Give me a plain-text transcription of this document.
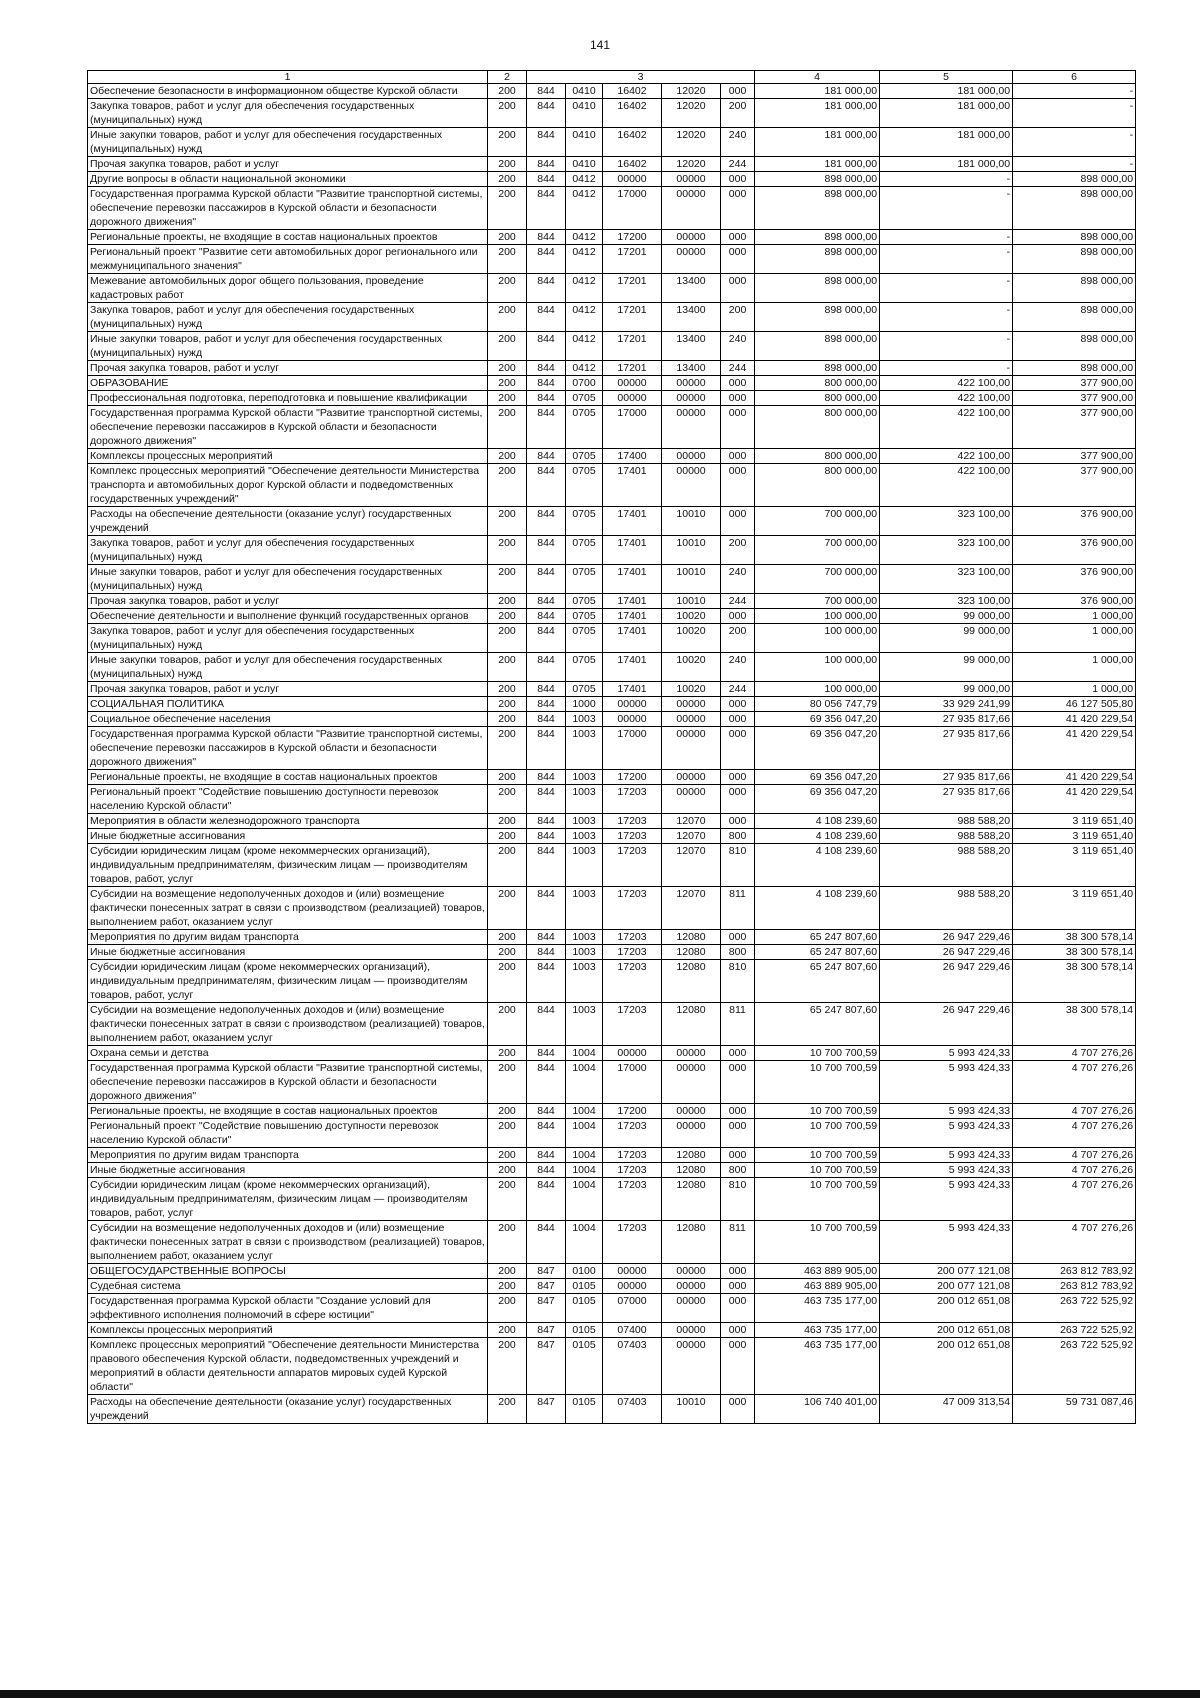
141
1	2	3					4	5	6
Обеспечение безопасности в информационном обществе Курской области	200	844	0410	16402	12020	000	181 000,00	181 000,00	-
Закупка товаров, работ и услуг для обеспечения государственных (муниципальных) нужд	200	844	0410	16402	12020	200	181 000,00	181 000,00	-
Иные закупки товаров, работ и услуг для обеспечения государственных (муниципальных) нужд	200	844	0410	16402	12020	240	181 000,00	181 000,00	-
Прочая закупка товаров, работ и услуг	200	844	0410	16402	12020	244	181 000,00	181 000,00	-
Другие вопросы в области национальной экономики	200	844	0412	00000	00000	000	898 000,00	-	898 000,00
Государственная программа Курской области "Развитие транспортной системы, обеспечение перевозки пассажиров в Курской области и безопасности дорожного движения"	200	844	0412	17000	00000	000	898 000,00	-	898 000,00
Региональные проекты, не входящие в состав национальных проектов	200	844	0412	17200	00000	000	898 000,00	-	898 000,00
Региональный проект "Развитие сети автомобильных дорог регионального или межмуниципального значения"	200	844	0412	17201	00000	000	898 000,00	-	898 000,00
Межевание автомобильных дорог общего пользования, проведение кадастровых работ	200	844	0412	17201	13400	000	898 000,00	-	898 000,00
Закупка товаров, работ и услуг для обеспечения государственных (муниципальных) нужд	200	844	0412	17201	13400	200	898 000,00	-	898 000,00
Иные закупки товаров, работ и услуг для обеспечения государственных (муниципальных) нужд	200	844	0412	17201	13400	240	898 000,00	-	898 000,00
Прочая закупка товаров, работ и услуг	200	844	0412	17201	13400	244	898 000,00	-	898 000,00
ОБРАЗОВАНИЕ	200	844	0700	00000	00000	000	800 000,00	422 100,00	377 900,00
Профессиональная подготовка, переподготовка и повышение квалификации	200	844	0705	00000	00000	000	800 000,00	422 100,00	377 900,00
Государственная программа Курской области "Развитие транспортной системы, обеспечение перевозки пассажиров в Курской области и безопасности дорожного движения"	200	844	0705	17000	00000	000	800 000,00	422 100,00	377 900,00
Комплексы процессных мероприятий	200	844	0705	17400	00000	000	800 000,00	422 100,00	377 900,00
Комплекс процессных мероприятий "Обеспечение деятельности Министерства транспорта и автомобильных дорог Курской области и подведомственных государственных учреждений"	200	844	0705	17401	00000	000	800 000,00	422 100,00	377 900,00
Расходы на обеспечение деятельности (оказание услуг) государственных учреждений	200	844	0705	17401	10010	000	700 000,00	323 100,00	376 900,00
Закупка товаров, работ и услуг для обеспечения государственных (муниципальных) нужд	200	844	0705	17401	10010	200	700 000,00	323 100,00	376 900,00
Иные закупки товаров, работ и услуг для обеспечения государственных (муниципальных) нужд	200	844	0705	17401	10010	240	700 000,00	323 100,00	376 900,00
Прочая закупка товаров, работ и услуг	200	844	0705	17401	10010	244	700 000,00	323 100,00	376 900,00
Обеспечение деятельности и выполнение функций государственных органов	200	844	0705	17401	10020	000	100 000,00	99 000,00	1 000,00
Закупка товаров, работ и услуг для обеспечения государственных (муниципальных) нужд	200	844	0705	17401	10020	200	100 000,00	99 000,00	1 000,00
Иные закупки товаров, работ и услуг для обеспечения государственных (муниципальных) нужд	200	844	0705	17401	10020	240	100 000,00	99 000,00	1 000,00
Прочая закупка товаров, работ и услуг	200	844	0705	17401	10020	244	100 000,00	99 000,00	1 000,00
СОЦИАЛЬНАЯ ПОЛИТИКА	200	844	1000	00000	00000	000	80 056 747,79	33 929 241,99	46 127 505,80
Социальное обеспечение населения	200	844	1003	00000	00000	000	69 356 047,20	27 935 817,66	41 420 229,54
Государственная программа Курской области "Развитие транспортной системы, обеспечение перевозки пассажиров в Курской области и безопасности дорожного движения"	200	844	1003	17000	00000	000	69 356 047,20	27 935 817,66	41 420 229,54
Региональные проекты, не входящие в состав национальных проектов	200	844	1003	17200	00000	000	69 356 047,20	27 935 817,66	41 420 229,54
Региональный проект "Содействие повышению доступности перевозок населению Курской области"	200	844	1003	17203	00000	000	69 356 047,20	27 935 817,66	41 420 229,54
Мероприятия в области железнодорожного транспорта	200	844	1003	17203	12070	000	4 108 239,60	988 588,20	3 119 651,40
Иные бюджетные ассигнования	200	844	1003	17203	12070	800	4 108 239,60	988 588,20	3 119 651,40
Субсидии юридическим лицам (кроме некоммерческих организаций), индивидуальным предпринимателям, физическим лицам — производителям товаров, работ, услуг	200	844	1003	17203	12070	810	4 108 239,60	988 588,20	3 119 651,40
Субсидии на возмещение недополученных доходов и (или) возмещение фактически понесенных затрат в связи с производством (реализацией) товаров, выполнением работ, оказанием услуг	200	844	1003	17203	12070	811	4 108 239,60	988 588,20	3 119 651,40
Мероприятия по другим видам транспорта	200	844	1003	17203	12080	000	65 247 807,60	26 947 229,46	38 300 578,14
Иные бюджетные ассигнования	200	844	1003	17203	12080	800	65 247 807,60	26 947 229,46	38 300 578,14
Субсидии юридическим лицам (кроме некоммерческих организаций), индивидуальным предпринимателям, физическим лицам — производителям товаров, работ, услуг	200	844	1003	17203	12080	810	65 247 807,60	26 947 229,46	38 300 578,14
Субсидии на возмещение недополученных доходов и (или) возмещение фактически понесенных затрат в связи с производством (реализацией) товаров, выполнением работ, оказанием услуг	200	844	1003	17203	12080	811	65 247 807,60	26 947 229,46	38 300 578,14
Охрана семьи и детства	200	844	1004	00000	00000	000	10 700 700,59	5 993 424,33	4 707 276,26
Государственная программа Курской области "Развитие транспортной системы, обеспечение перевозки пассажиров в Курской области и безопасности дорожного движения"	200	844	1004	17000	00000	000	10 700 700,59	5 993 424,33	4 707 276,26
Региональные проекты, не входящие в состав национальных проектов	200	844	1004	17200	00000	000	10 700 700,59	5 993 424,33	4 707 276,26
Региональный проект "Содействие повышению доступности перевозок населению Курской области"	200	844	1004	17203	00000	000	10 700 700,59	5 993 424,33	4 707 276,26
Мероприятия по другим видам транспорта	200	844	1004	17203	12080	000	10 700 700,59	5 993 424,33	4 707 276,26
Иные бюджетные ассигнования	200	844	1004	17203	12080	800	10 700 700,59	5 993 424,33	4 707 276,26
Субсидии юридическим лицам (кроме некоммерческих организаций), индивидуальным предпринимателям, физическим лицам — производителям товаров, работ, услуг	200	844	1004	17203	12080	810	10 700 700,59	5 993 424,33	4 707 276,26
Субсидии на возмещение недополученных доходов и (или) возмещение фактически понесенных затрат в связи с производством (реализацией) товаров, выполнением работ, оказанием услуг	200	844	1004	17203	12080	811	10 700 700,59	5 993 424,33	4 707 276,26
ОБЩЕГОСУДАРСТВЕННЫЕ ВОПРОСЫ	200	847	0100	00000	00000	000	463 889 905,00	200 077 121,08	263 812 783,92
Судебная система	200	847	0105	00000	00000	000	463 889 905,00	200 077 121,08	263 812 783,92
Государственная программа Курской области "Создание условий для эффективного исполнения полномочий в сфере юстиции"	200	847	0105	07000	00000	000	463 735 177,00	200 012 651,08	263 722 525,92
Комплексы процессных мероприятий	200	847	0105	07400	00000	000	463 735 177,00	200 012 651,08	263 722 525,92
Комплекс процессных мероприятий "Обеспечение деятельности Министерства правового обеспечения Курской области, подведомственных учреждений и мероприятий в области деятельности аппаратов мировых судей Курской области"	200	847	0105	07403	00000	000	463 735 177,00	200 012 651,08	263 722 525,92
Расходы на обеспечение деятельности (оказание услуг) государственных учреждений	200	847	0105	07403	10010	000	106 740 401,00	47 009 313,54	59 731 087,46
